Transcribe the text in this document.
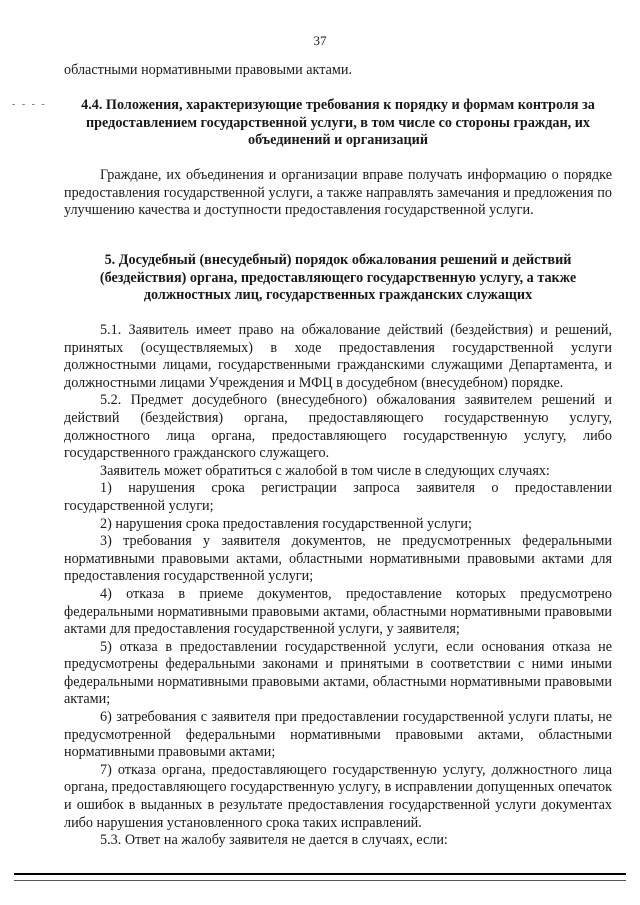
37
- - - -

областными нормативными правовыми актами.

4.4. Положения, характеризующие требования к порядку и формам контроля за предоставлением государственной услуги, в том числе со стороны граждан, их объединений и организаций
Граждане, их объединения и организации вправе получать информацию о порядке предоставления государственной услуги, а также направлять замечания и предложения по улучшению качества и доступности предоставления государственной услуги.
5. Досудебный (внесудебный) порядок обжалования решений и действий (бездействия) органа, предоставляющего государственную услугу, а также должностных лиц, государственных гражданских служащих

5.1. Заявитель имеет право на обжалование действий (бездействия) и решений, принятых (осуществляемых) в ходе предоставления государственной услуги должностными лицами, государственными гражданскими служащими Департамента, и должностными лицами Учреждения и МФЦ в досудебном (внесудебном) порядке.

5.2. Предмет досудебного (внесудебного) обжалования заявителем решений и действий (бездействия) органа, предоставляющего государственную услугу, должностного лица органа, предоставляющего государственную услугу, либо государственного гражданского служащего.

Заявитель может обратиться с жалобой в том числе в следующих случаях:

1) нарушения срока регистрации запроса заявителя о предоставлении государственной услуги;

2) нарушения срока предоставления государственной услуги;

3) требования у заявителя документов, не предусмотренных федеральными нормативными правовыми актами, областными нормативными правовыми актами для предоставления государственной услуги;

4) отказа в приеме документов, предоставление которых предусмотрено федеральными нормативными правовыми актами, областными нормативными правовыми актами для предоставления государственной услуги, у заявителя;

5) отказа в предоставлении государственной услуги, если основания отказа не предусмотрены федеральными законами и принятыми в соответствии с ними иными федеральными нормативными правовыми актами, областными нормативными правовыми актами;

6) затребования с заявителя при предоставлении государственной услуги платы, не предусмотренной федеральными нормативными правовыми актами, областными нормативными правовыми актами;

7) отказа органа, предоставляющего государственную услугу, должностного лица органа, предоставляющего государственную услугу, в исправлении допущенных опечаток и ошибок в выданных в результате предоставления государственной услуги документах либо нарушения установленного срока таких исправлений.

5.3. Ответ на жалобу заявителя не дается в случаях, если:
